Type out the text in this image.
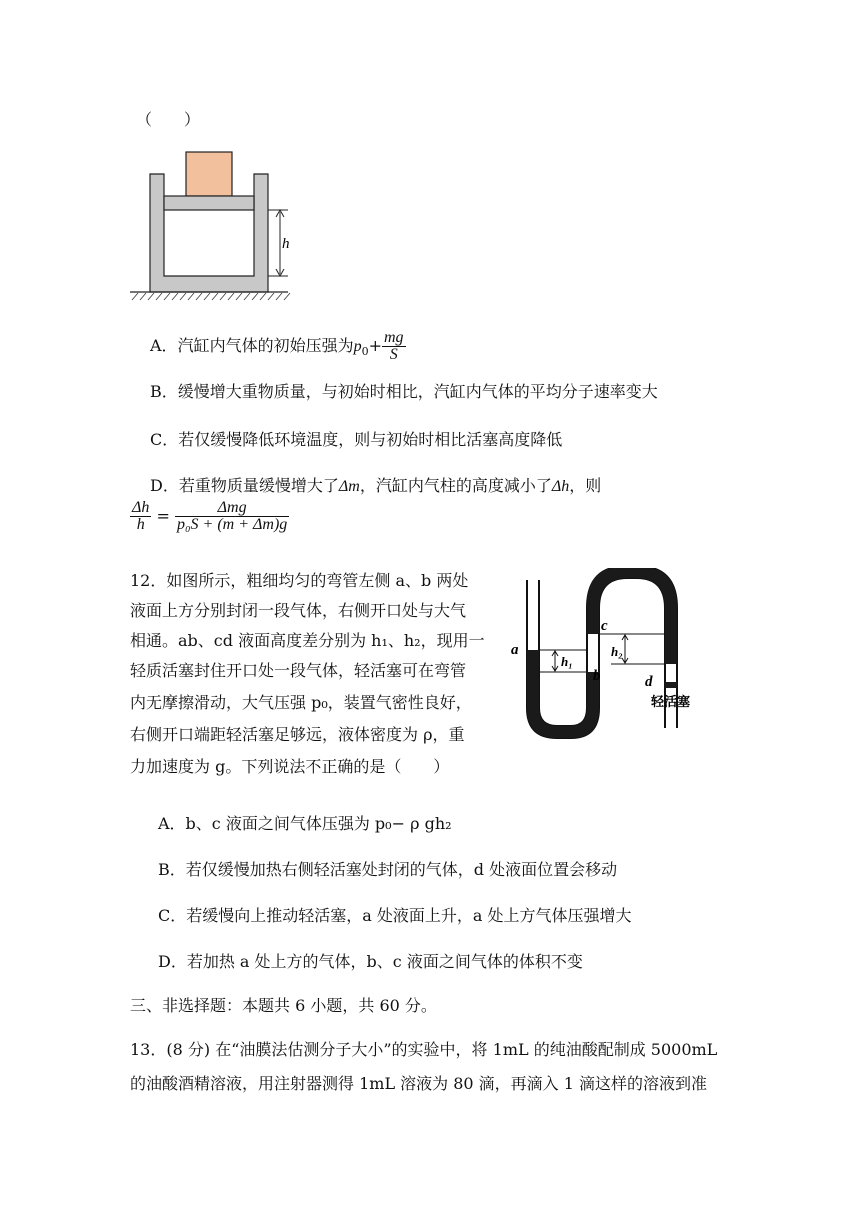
（　　）
h
A．汽缸内气体的初始压强为$p_0+ \frac{mg}{S}$
B．缓慢增大重物质量，与初始时相比，汽缸内气体的平均分子速率变大
C．若仅缓慢降低环境温度，则与初始时相比活塞高度降低
D．若重物质量缓慢增大了Δm，汽缸内气柱的高度减小了Δh，则
$\frac{\Delta h}{h} = \frac{\text{Δmg}}{\text{p₀S + (m + Δm)g}}$
12．如图所示，粗细均匀的弯管左侧 a、b 两处
液面上方分别封闭一段气体，右侧开口处与大气
相通。ab、cd 液面高度差分别为 h₁、h₂，现用一
轻质活塞封住开口处一段气体，轻活塞可在弯管
内无摩擦滑动，大气压强 p₀，装置气密性良好，
右侧开口端距轻活塞足够远，液体密度为 ρ，重
力加速度为 g。下列说法不正确的是（　　）
a
h₁
b
c
h₂
d
轻活塞
A．b、c 液面之间气体压强为 p₀− ρ gh₂
B．若仅缓慢加热右侧轻活塞处封闭的气体，d 处液面位置会移动
C．若缓慢向上推动轻活塞，a 处液面上升，a 处上方气体压强增大
D．若加热 a 处上方的气体，b、c 液面之间气体的体积不变
三、非选择题：本题共 6 小题，共 60 分。
13．(8 分) 在“油膜法估测分子大小”的实验中，将 1mL 的纯油酸配制成 5000mL
的油酸酒精溶液，用注射器测得 1mL 溶液为 80 滴，再滴入 1 滴这样的溶液到准
